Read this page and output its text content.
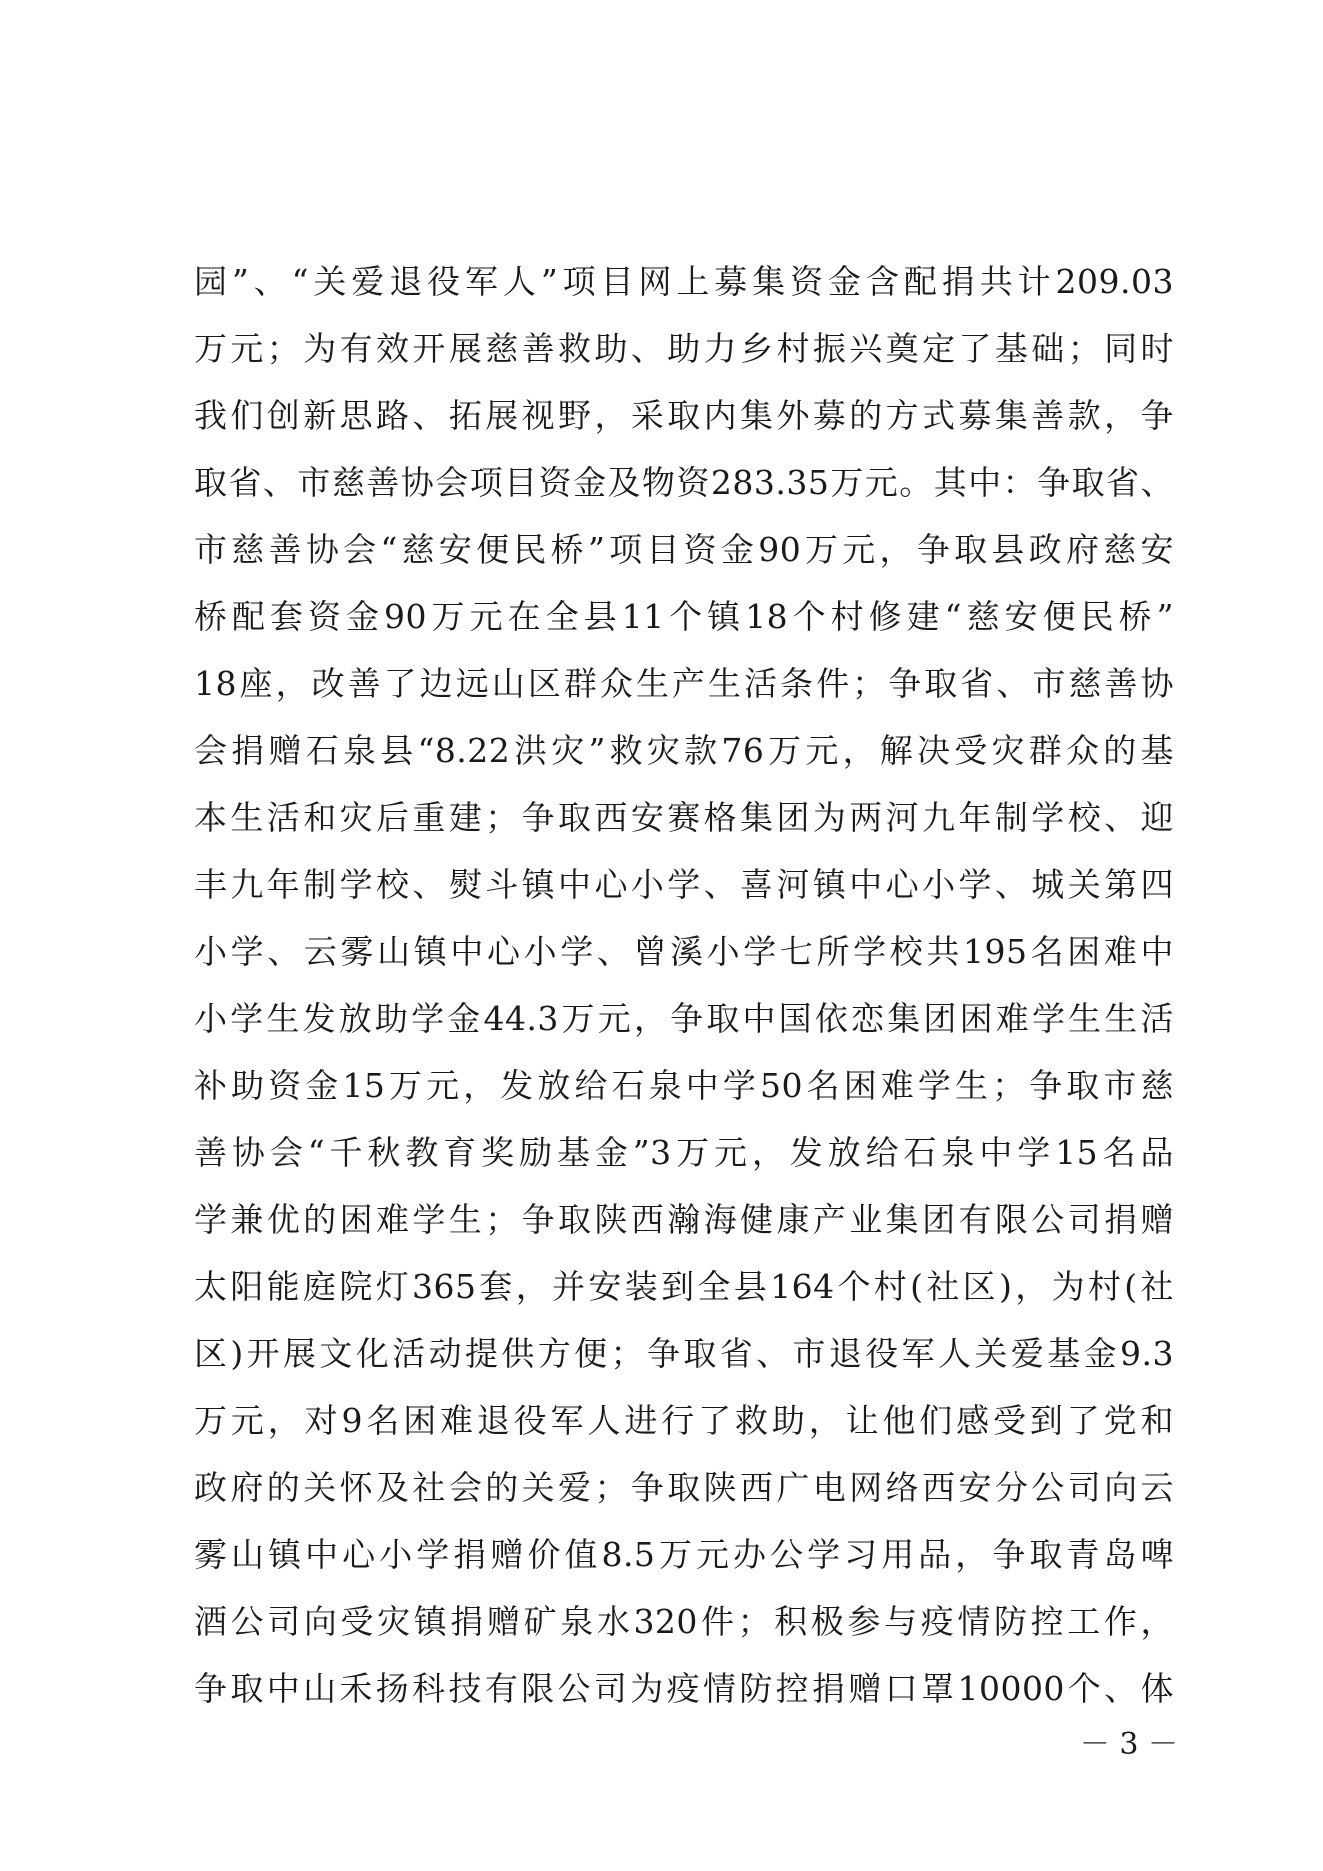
园”、“关爱退役军人”项目网上募集资金含配捐共计209.03
万元；为有效开展慈善救助、助力乡村振兴奠定了基础；同时
我们创新思路、拓展视野，采取内集外募的方式募集善款，争
取省、市慈善协会项目资金及物资283.35万元。其中：争取省、
市慈善协会“慈安便民桥”项目资金90万元，争取县政府慈安
桥配套资金90万元在全县11个镇18个村修建“慈安便民桥”
18座，改善了边远山区群众生产生活条件；争取省、市慈善协
会捐赠石泉县“8.22洪灾”救灾款76万元，解决受灾群众的基
本生活和灾后重建；争取西安赛格集团为两河九年制学校、迎
丰九年制学校、熨斗镇中心小学、喜河镇中心小学、城关第四
小学、云雾山镇中心小学、曾溪小学七所学校共195名困难中
小学生发放助学金44.3万元，争取中国依恋集团困难学生生活
补助资金15万元，发放给石泉中学50名困难学生；争取市慈
善协会“千秋教育奖励基金”3万元，发放给石泉中学15名品
学兼优的困难学生；争取陕西瀚海健康产业集团有限公司捐赠
太阳能庭院灯365套，并安装到全县164个村(社区)，为村(社
区)开展文化活动提供方便；争取省、市退役军人关爱基金9.3
万元，对9名困难退役军人进行了救助，让他们感受到了党和
政府的关怀及社会的关爱；争取陕西广电网络西安分公司向云
雾山镇中心小学捐赠价值8.5万元办公学习用品，争取青岛啤
酒公司向受灾镇捐赠矿泉水320件；积极参与疫情防控工作，
争取中山禾扬科技有限公司为疫情防控捐赠口罩10000个、体
－ 3 －
